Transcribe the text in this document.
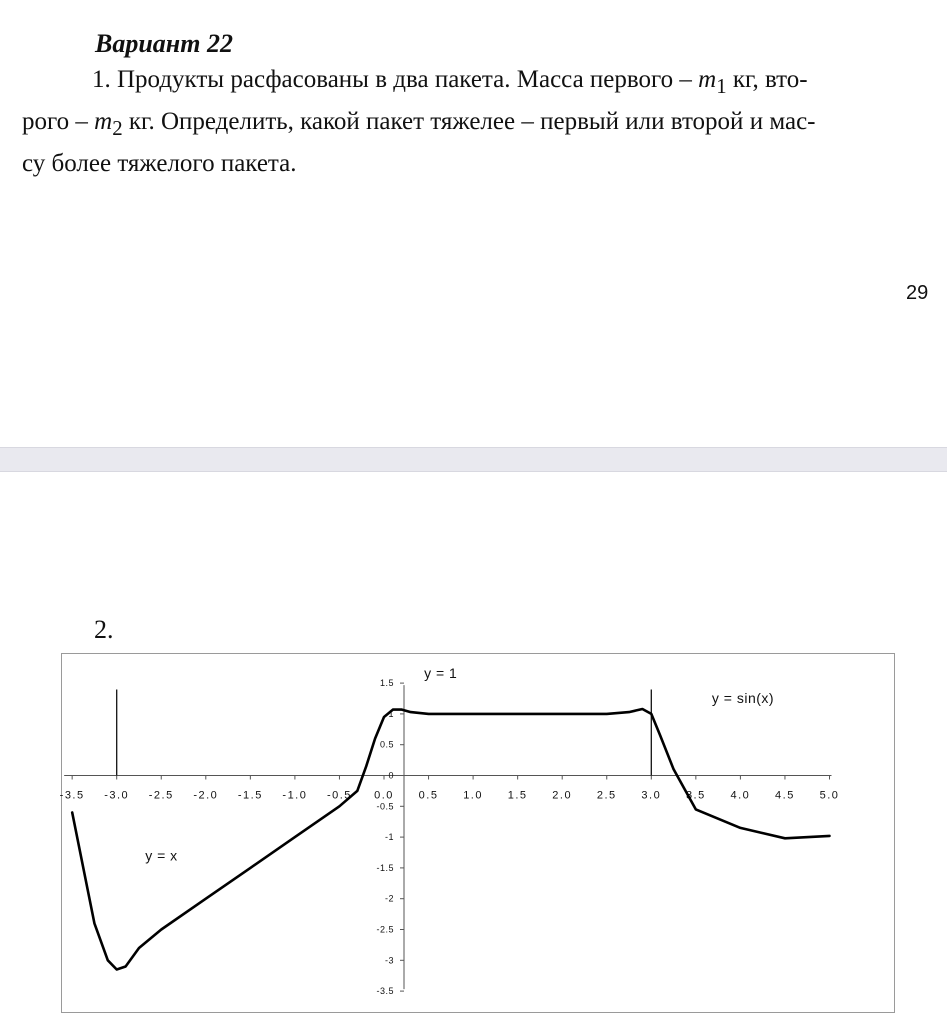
Вариант 22

1. Продукты расфасованы в два пакета. Масса первого – $m_1$ кг, вто-
рого – $m_2$ кг. Определить, какой пакет тяжелее – первый или второй и мас-
су более тяжелого пакета.

29
2.
-3.5 -3.0 -2.5 -2.0 -1.5 -1.0 -0.5 0.0 0.5 1.0 1.5 2.0 2.5 3.0 3.5 4.0 4.5 5.0
1.5
1
0.5
0
-0.5
-1
-1.5
-2
-2.5
-3
-3.5
y = 1
y = sin(x)
y = x
